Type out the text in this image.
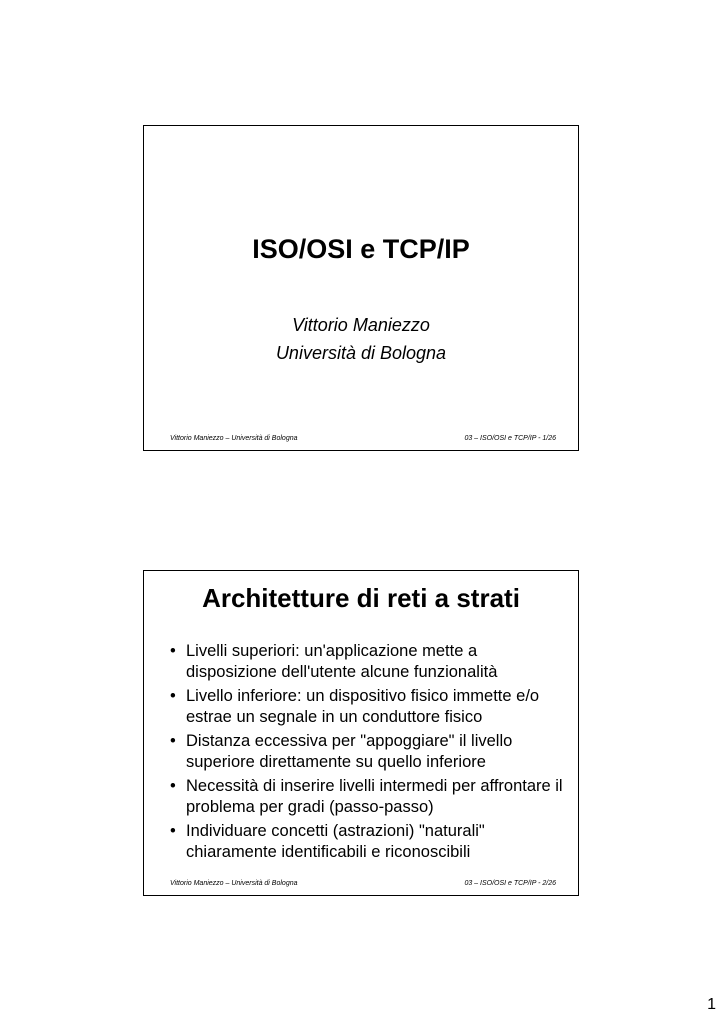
ISO/OSI e TCP/IP
Vittorio Maniezzo
Università di Bologna
Vittorio Maniezzo – Università di Bologna	03 – ISO/OSI e TCP/IP - 1/26
Architetture di reti a strati
• Livelli superiori: un'applicazione mette a disposizione dell'utente alcune funzionalità
• Livello inferiore: un dispositivo fisico immette e/o estrae un segnale in un conduttore fisico
• Distanza eccessiva per "appoggiare" il livello superiore direttamente su quello inferiore
• Necessità di inserire livelli intermedi per affrontare il problema per gradi (passo-passo)
• Individuare concetti (astrazioni) "naturali" chiaramente identificabili e riconoscibili
Vittorio Maniezzo – Università di Bologna	03 – ISO/OSI e TCP/IP - 2/26
1
